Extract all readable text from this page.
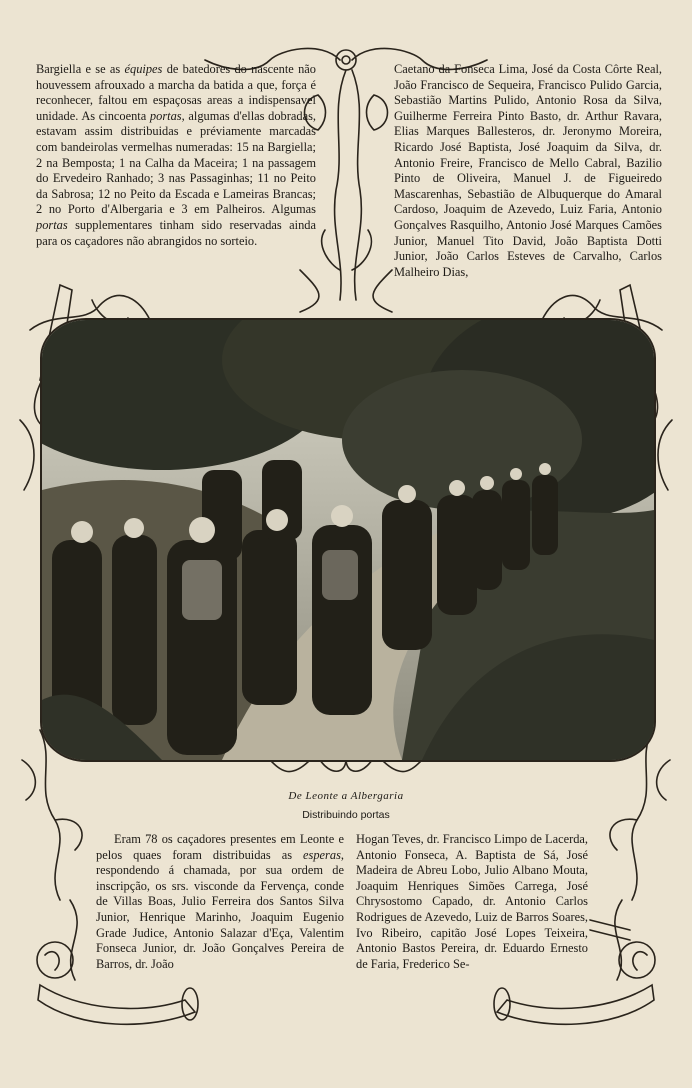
Bargiella e se as équipes de batedores do nascente não houvessem afrouxado a marcha da batida a que, força é reconhecer, faltou em espaçosas areas a indispensavel unidade. As cincoenta portas, algumas d'ellas dobradas, estavam assim distribuidas e préviamente marcadas com bandeirolas vermelhas numeradas: 15 na Bargiella; 2 na Bemposta; 1 na Calha da Maceira; 1 na passagem do Ervedeiro Ranhado; 3 nas Passaginhas; 11 no Peito da Sabrosa; 12 no Peito da Escada e Lameiras Brancas; 2 no Porto d'Albergaria e 3 em Palheiros. Algumas portas supplementares tinham sido reservadas ainda para os caçadores não abrangidos no sorteio.

Caetano da Fonseca Lima, José da Costa Côrte Real, João Francisco de Sequeira, Francisco Pulido Garcia, Sebastião Martins Pulido, Antonio Rosa da Silva, Guilherme Ferreira Pinto Basto, dr. Arthur Ravara, Elias Marques Ballesteros, dr. Jeronymo Moreira, Ricardo José Baptista, José Joaquim da Silva, dr. Antonio Freire, Francisco de Mello Cabral, Bazilio Pinto de Oliveira, Manuel J. de Figueiredo Mascarenhas, Sebastião de Albuquerque do Amaral Cardoso, Joaquim de Azevedo, Luiz Faria, Antonio Gonçalves Rasquilho, Antonio José Marques Camões Junior, Manuel Tito David, João Baptista Dotti Junior, João Carlos Esteves de Carvalho, Carlos Malheiro Dias,

De Leonte a Albergaria
Distribuindo portas

Eram 78 os caçadores presentes em Leonte e pelos quaes foram distribuidas as esperas, respondendo á chamada, por sua ordem de inscripção, os srs. visconde da Fervença, conde de Villas Boas, Julio Ferreira dos Santos Silva Junior, Henrique Marinho, Joaquim Eugenio Grade Judice, Antonio Salazar d'Eça, Valentim Fonseca Junior, dr. João Gonçalves Pereira de Barros, dr. João

Hogan Teves, dr. Francisco Limpo de Lacerda, Antonio Fonseca, A. Baptista de Sá, José Madeira de Abreu Lobo, Julio Albano Mouta, Joaquim Henriques Simões Carrega, José Chrysostomo Capado, dr. Antonio Carlos Rodrigues de Azevedo, Luiz de Barros Soares, Ivo Ribeiro, capitão José Lopes Teixeira, Antonio Bastos Pereira, dr. Eduardo Ernesto de Faria, Frederico Se-
